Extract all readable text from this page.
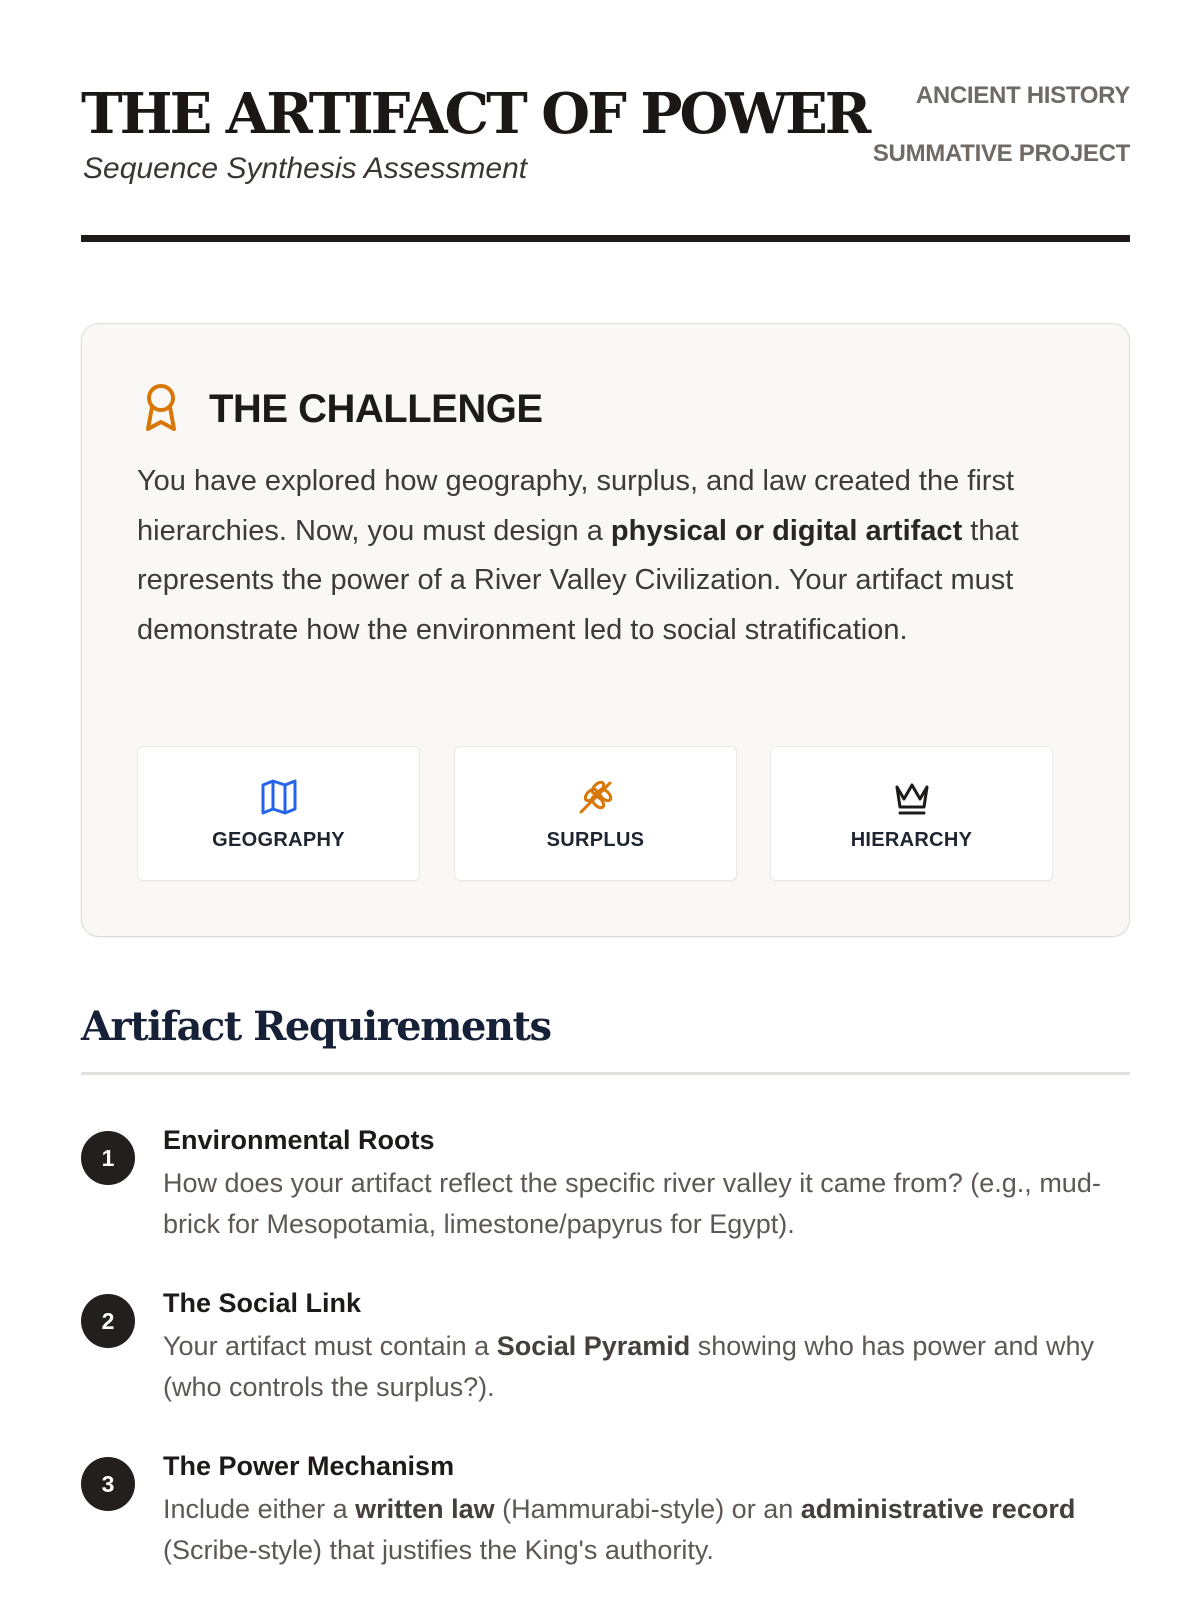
THE ARTIFACT OF POWER
Sequence Synthesis Assessment
ANCIENT HISTORY
SUMMATIVE PROJECT
THE CHALLENGE
You have explored how geography, surplus, and law created the first hierarchies. Now, you must design a physical or digital artifact that represents the power of a River Valley Civilization. Your artifact must demonstrate how the environment led to social stratification.
GEOGRAPHY	SURPLUS	HIERARCHY
Artifact Requirements
1
Environmental Roots
How does your artifact reflect the specific river valley it came from? (e.g., mud-brick for Mesopotamia, limestone/papyrus for Egypt).
2
The Social Link
Your artifact must contain a Social Pyramid showing who has power and why (who controls the surplus?).
3
The Power Mechanism
Include either a written law (Hammurabi-style) or an administrative record (Scribe-style) that justifies the King's authority.
